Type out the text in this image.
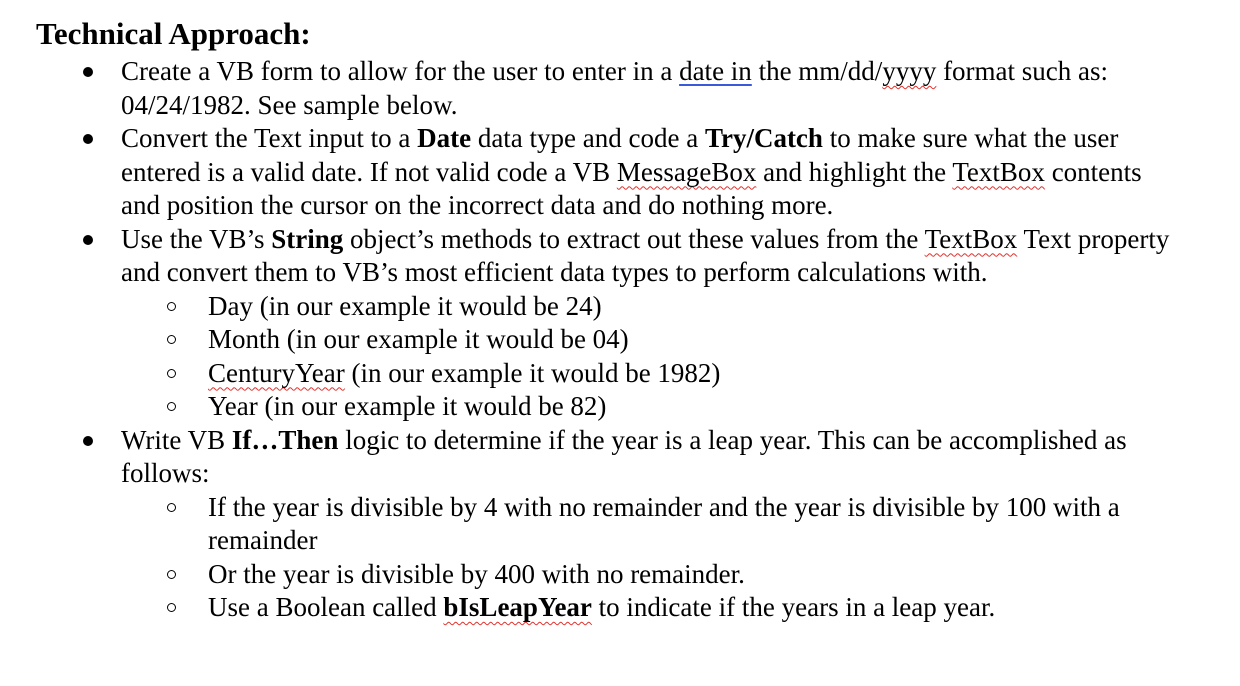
Technical Approach:
Create a VB form to allow for the user to enter in a date in the mm/dd/yyyy format such as: 04/24/1982. See sample below.
Convert the Text input to a Date data type and code a Try/Catch to make sure what the user entered is a valid date. If not valid code a VB MessageBox and highlight the TextBox contents and position the cursor on the incorrect data and do nothing more.
Use the VB’s String object’s methods to extract out these values from the TextBox Text property and convert them to VB’s most efficient data types to perform calculations with.
Day (in our example it would be 24)
Month (in our example it would be 04)
CenturyYear (in our example it would be 1982)
Year (in our example it would be 82)
Write VB If…Then logic to determine if the year is a leap year. This can be accomplished as follows:
If the year is divisible by 4 with no remainder and the year is divisible by 100 with a remainder
Or the year is divisible by 400 with no remainder.
Use a Boolean called bIsLeapYear to indicate if the years in a leap year.
